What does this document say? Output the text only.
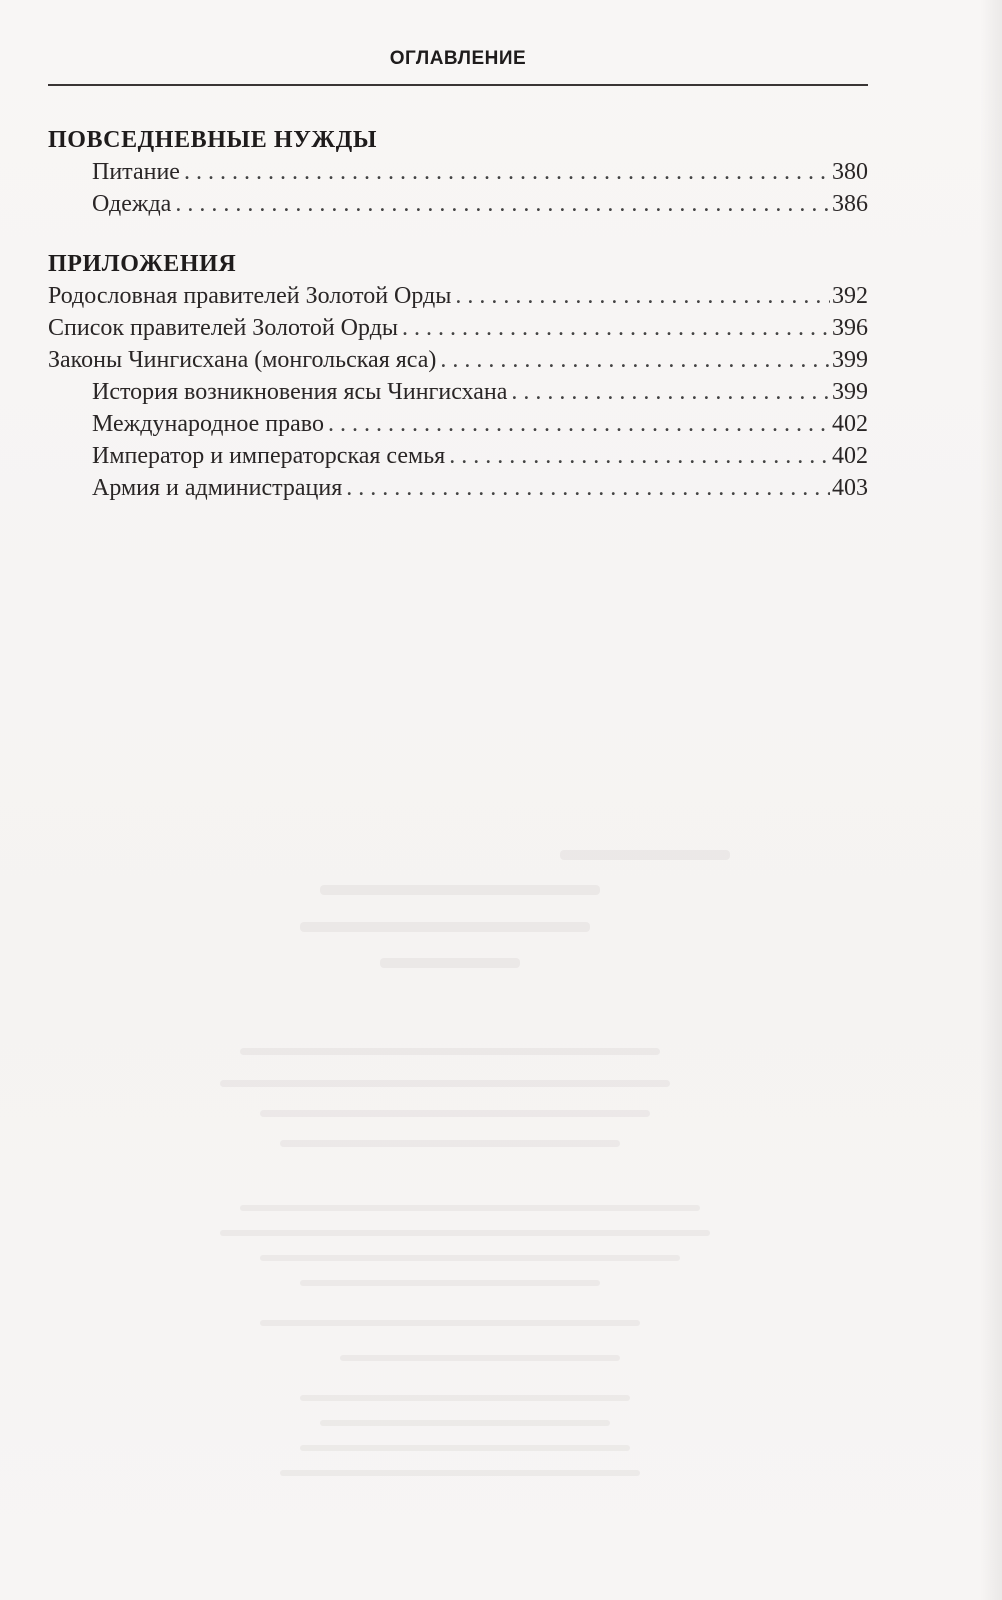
ОГЛАВЛЕНИЕ
ПОВСЕДНЕВНЫЕ НУЖДЫ
Питание . . .	380
Одежда . . .	386
ПРИЛОЖЕНИЯ
Родословная правителей Золотой Орды . . .	392
Список правителей Золотой Орды . . .	396
Законы Чингисхана (монгольская яса) . . .	399
История возникновения ясы Чингисхана . . .	399
Международное право . . .	402
Император и императорская семья . . .	402
Армия и администрация . . .	403
